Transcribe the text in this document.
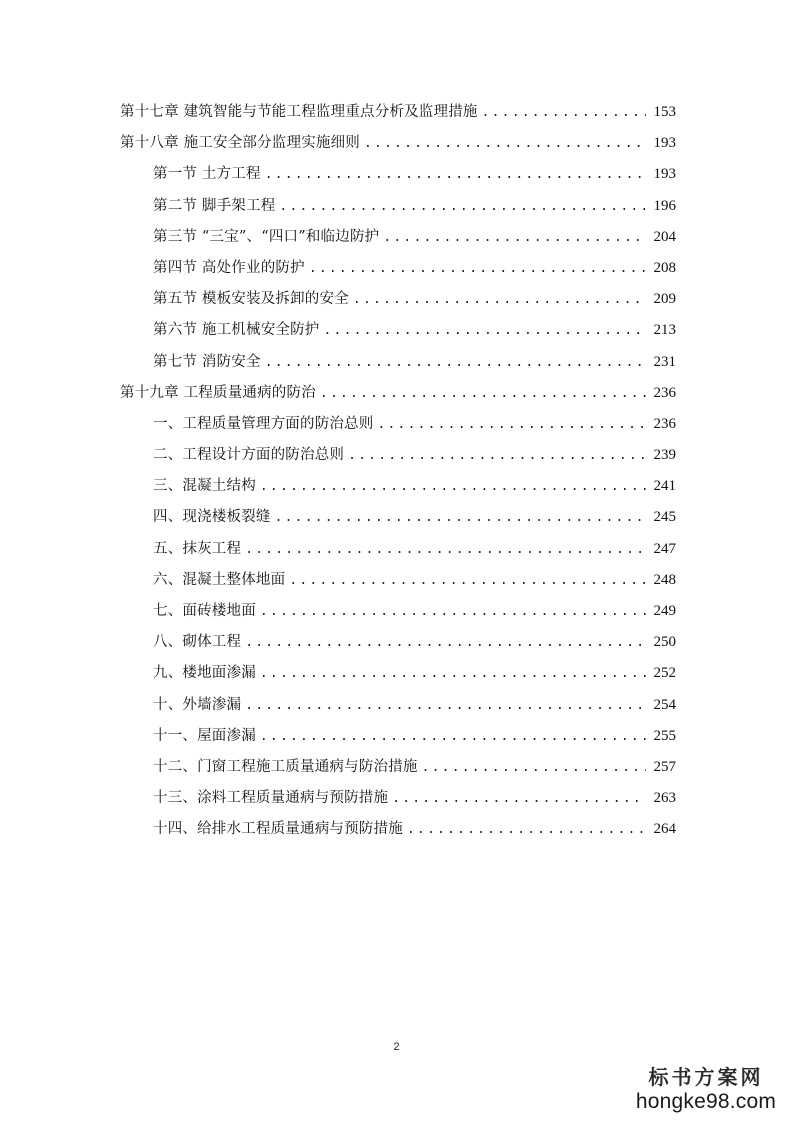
第十七章 建筑智能与节能工程监理重点分析及监理措施 .....	153
第十八章 施工安全部分监理实施细则 .....	193
第一节 土方工程 .....	193
第二节 脚手架工程 .....	196
第三节 “三宝”、“四口”和临边防护 .....	204
第四节 高处作业的防护 .....	208
第五节 模板安装及拆卸的安全 .....	209
第六节 施工机械安全防护 .....	213
第七节 消防安全 .....	231
第十九章 工程质量通病的防治 .....	236
一、工程质量管理方面的防治总则 .....	236
二、工程设计方面的防治总则 .....	239
三、混凝土结构 .....	241
四、现浇楼板裂缝 .....	245
五、抹灰工程 .....	247
六、混凝土整体地面 .....	248
七、面砖楼地面 .....	249
八、砌体工程 .....	250
九、楼地面渗漏 .....	252
十、外墙渗漏 .....	254
十一、屋面渗漏 .....	255
十二、门窗工程施工质量通病与防治措施 .....	257
十三、涂料工程质量通病与预防措施 .....	263
十四、给排水工程质量通病与预防措施 .....	264
2
标书方案网
hongke98.com
